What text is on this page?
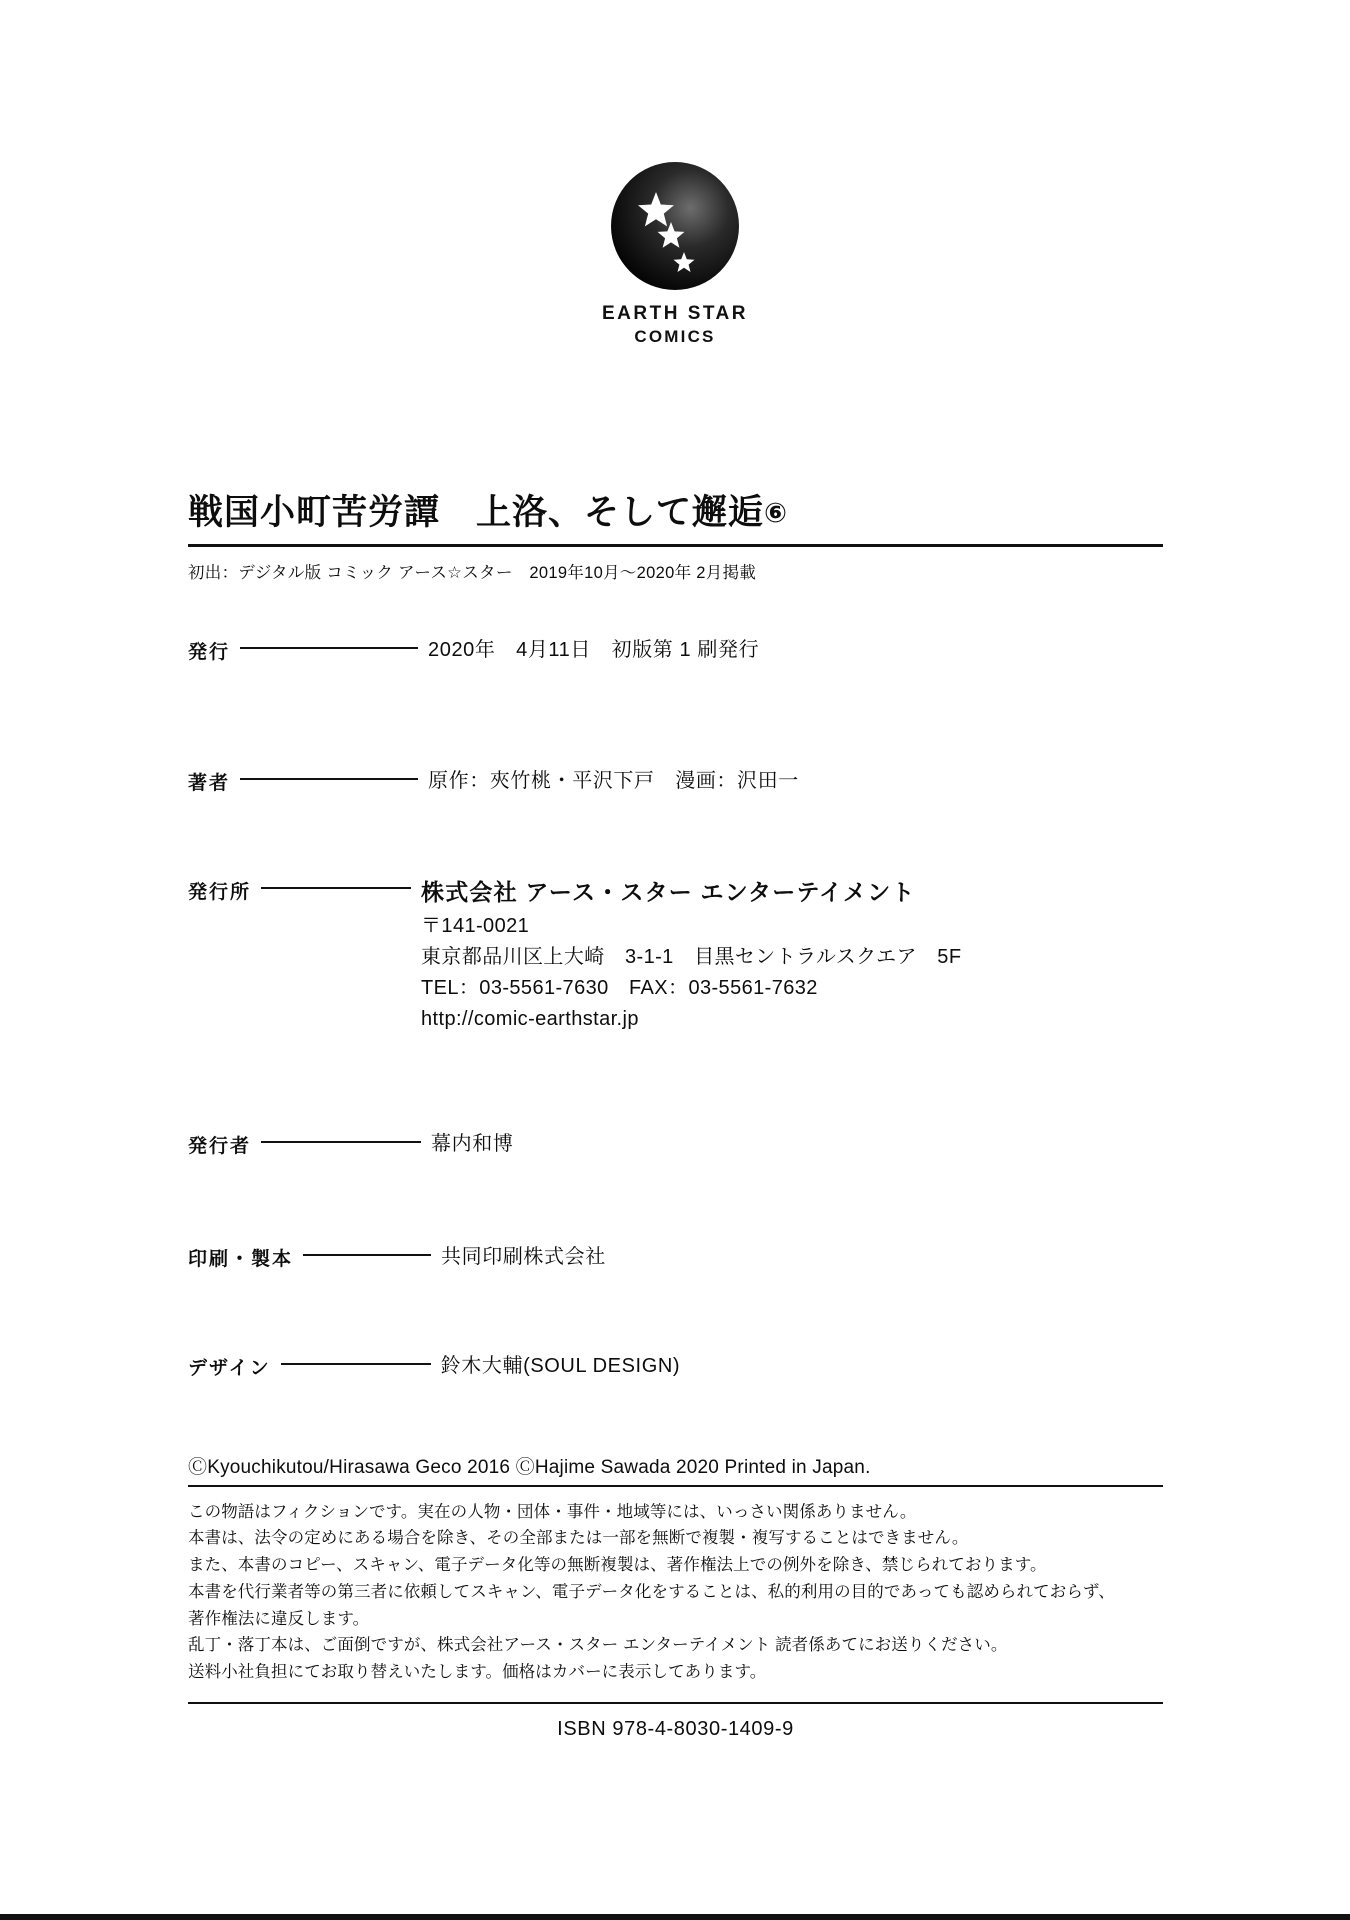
EARTH STAR
COMICS
戦国小町苦労譚　上洛、そして邂逅⑥
初出：デジタル版 コミック アース☆スター　2019年10月〜2020年 2月掲載
発行	2020年　4月11日　初版第 1 刷発行
著者	原作：夾竹桃・平沢下戸　漫画：沢田一
発行所	株式会社 アース・スター エンターテイメント
〒141-0021
東京都品川区上大崎　3-1-1　目黒セントラルスクエア　5F
TEL：03-5561-7630　FAX：03-5561-7632
http://comic-earthstar.jp
発行者	幕内和博
印刷・製本	共同印刷株式会社
デザイン	鈴木大輔(SOUL DESIGN)
ⒸKyouchikutou/Hirasawa Geco 2016 ⒸHajime Sawada 2020 Printed in Japan.
この物語はフィクションです。実在の人物・団体・事件・地域等には、いっさい関係ありません。
本書は、法令の定めにある場合を除き、その全部または一部を無断で複製・複写することはできません。
また、本書のコピー、スキャン、電子データ化等の無断複製は、著作権法上での例外を除き、禁じられております。
本書を代行業者等の第三者に依頼してスキャン、電子データ化をすることは、私的利用の目的であっても認められておらず、
著作権法に違反します。
乱丁・落丁本は、ご面倒ですが、株式会社アース・スター エンターテイメント 読者係あてにお送りください。
送料小社負担にてお取り替えいたします。価格はカバーに表示してあります。
ISBN 978-4-8030-1409-9
